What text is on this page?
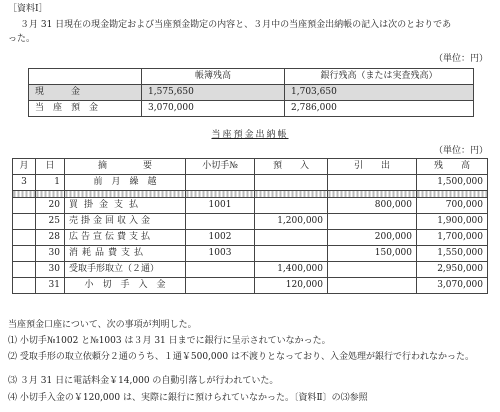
［資料Ⅰ］
３月 31 日現在の現金勘定および当座預金勘定の内容と、３月中の当座預金出納帳の記入は次のとおりであ
った。
（単位：円）
	帳簿残高	銀行残高（または実査残高）
現　　　金	1,575,650	1,703,650
当　座　預　金	3,070,000	2,786,000
当座預金出納帳
（単位：円）
月	日	摘　　　　要	小切手№	預　　入	引　　出	残　　高
3	1	前　月　繰　越				1,500,000

	20	買掛金支払	1001		800,000	700,000
	25	売掛金回収入金		1,200,000		1,900,000
	28	広告宣伝費支払	1002		200,000	1,700,000
	30	消耗品費支払	1003		150,000	1,550,000
	30	受取手形取立（２通）		1,400,000		2,950,000
	31	小　切　手　入　金		120,000		3,070,000
当座預金口座について、次の事項が判明した。
⑴ 小切手№1002 と№1003 は３月 31 日までに銀行に呈示されていなかった。
⑵ 受取手形の取立依頼分２通のうち、１通￥500,000 は不渡りとなっており、入金処理が銀行で行われなかった。
⑶ ３月 31 日に電話料金￥14,000 の自動引落しが行われていた。
⑷ 小切手入金の￥120,000 は、実際に銀行に預けられていなかった。〔資料Ⅱ〕の⑶参照
